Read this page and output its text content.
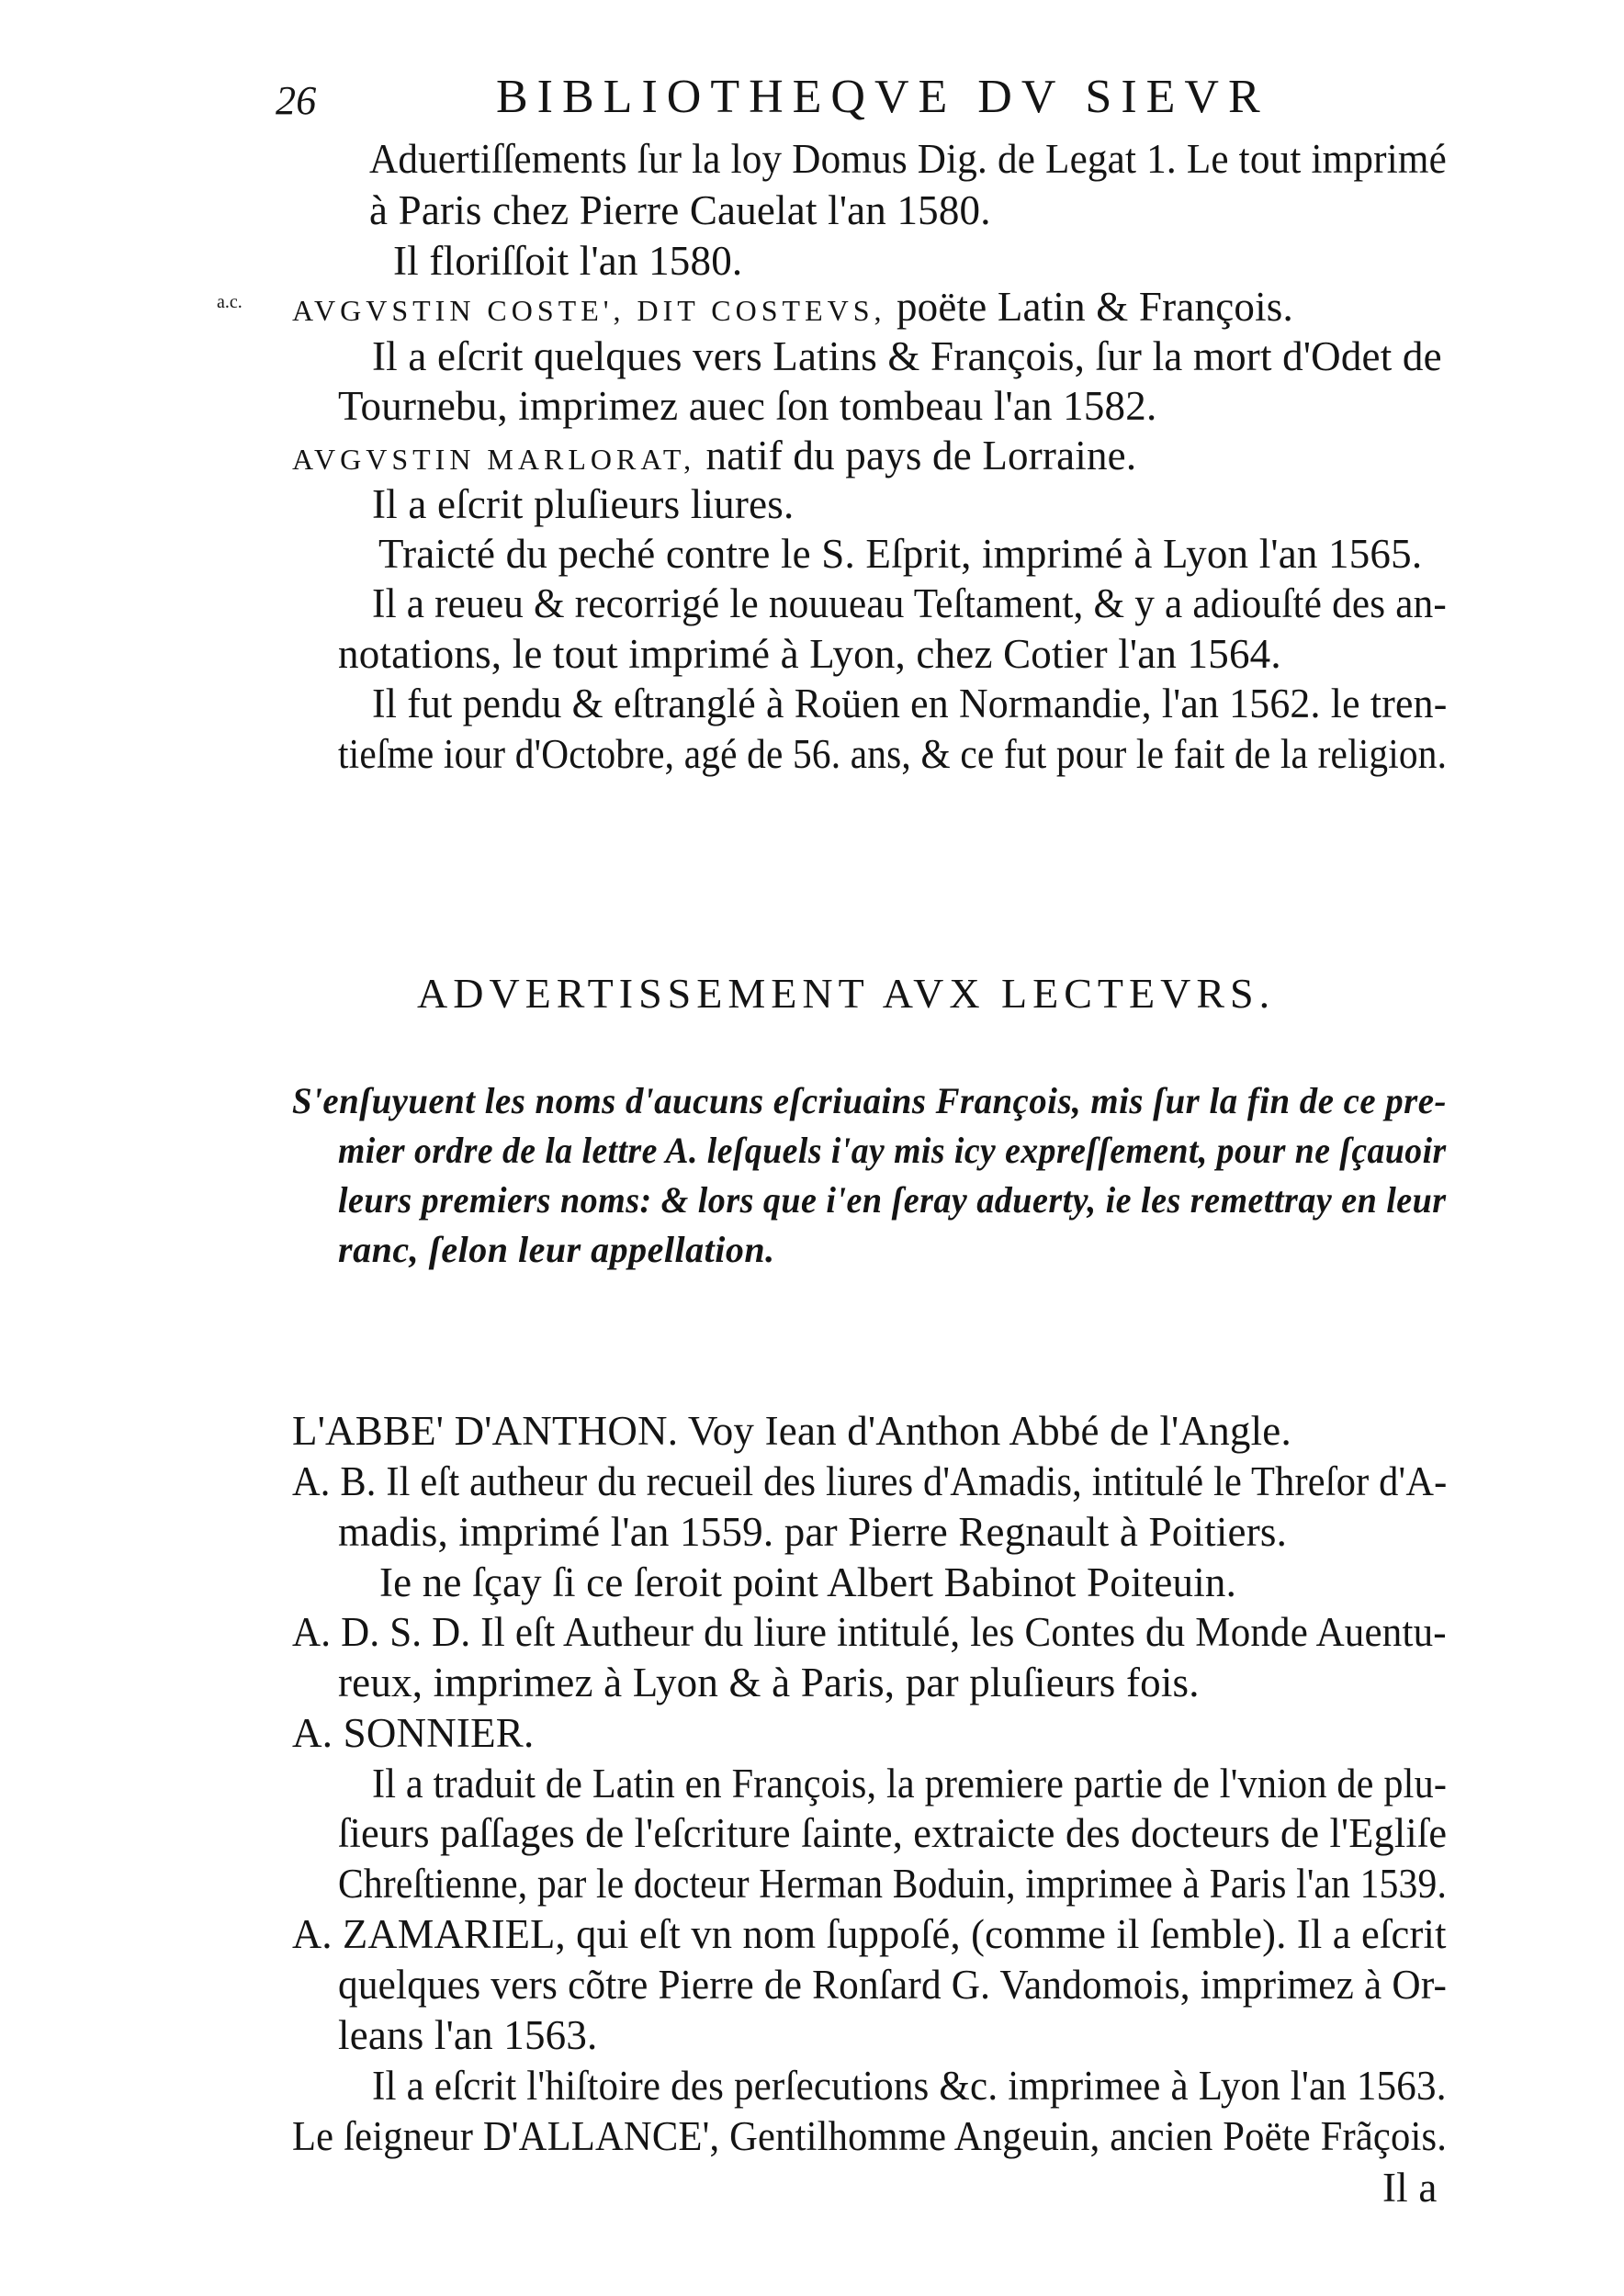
26	BIBLIOTHEQVE DV SIEVR
Aduertiſſements ſur la loy Domus Dig. de Legat 1. Le tout imprimé
à Paris chez Pierre Cauelat l'an 1580.
Il floriſſoit l'an 1580.
a.c. AVGVSTIN COSTE', DIT COSTEVS, poëte Latin & François.
Il a eſcrit quelques vers Latins & François, ſur la mort d'Odet de
Tournebu, imprimez auec ſon tombeau l'an 1582.
AVGVSTIN MARLORAT, natif du pays de Lorraine.
Il a eſcrit pluſieurs liures.
Traicté du peché contre le S. Eſprit, imprimé à Lyon l'an 1565.
Il a reueu & recorrigé le nouueau Teſtament, & y a adiouſté des an-
notations, le tout imprimé à Lyon, chez Cotier l'an 1564.
Il fut pendu & eſtranglé à Roüen en Normandie, l'an 1562. le tren-
tieſme iour d'Octobre, agé de 56. ans, & ce fut pour le fait de la religion.
ADVERTISSEMENT AVX LECTEVRS.
S'enſuyuent les noms d'aucuns eſcriuains François, mis ſur la fin de ce pre-
mier ordre de la lettre A. leſquels i'ay mis icy expreſſement, pour ne ſçauoir
leurs premiers noms: & lors que i'en ſeray aduerty, ie les remettray en leur
ranc, ſelon leur appellation.
L'ABBE' D'ANTHON. Voy Iean d'Anthon Abbé de l'Angle.
A. B. Il eſt autheur du recueil des liures d'Amadis, intitulé le Threſor d'A-
madis, imprimé l'an 1559. par Pierre Regnault à Poitiers.
Ie ne ſçay ſi ce ſeroit point Albert Babinot Poiteuin.
A. D. S. D. Il eſt Autheur du liure intitulé, les Contes du Monde Auentu-
reux, imprimez à Lyon & à Paris, par pluſieurs fois.
A. SONNIER.
Il a traduit de Latin en François, la premiere partie de l'vnion de plu-
ſieurs paſſages de l'eſcriture ſainte, extraicte des docteurs de l'Egliſe
Chreſtienne, par le docteur Herman Boduin, imprimee à Paris l'an 1539.
A. ZAMARIEL, qui eſt vn nom ſuppoſé, (comme il ſemble). Il a eſcrit
quelques vers cõtre Pierre de Ronſard G. Vandomois, imprimez à Or-
leans l'an 1563.
Il a eſcrit l'hiſtoire des perſecutions &c. imprimee à Lyon l'an 1563.
Le ſeigneur D'ALLANCE', Gentilhomme Angeuin, ancien Poëte Frãçois.
Il a
